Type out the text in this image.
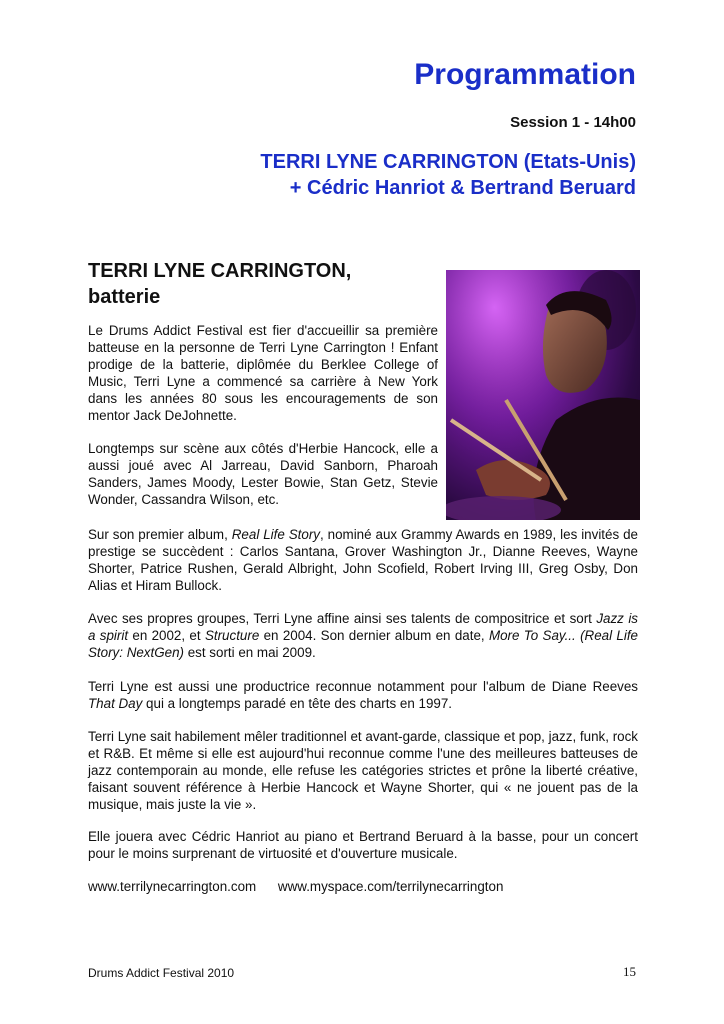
Programmation
Session 1 - 14h00
TERRI LYNE CARRINGTON (Etats-Unis)
+ Cédric Hanriot & Bertrand Beruard
TERRI LYNE CARRINGTON,
batterie

Le Drums Addict Festival est fier d'accueillir sa première batteuse en la personne de Terri Lyne Carrington ! Enfant prodige de la batterie, diplômée du Berklee College of Music, Terri Lyne a commencé sa carrière à New York dans les années 80 sous les encouragements de son mentor Jack DeJohnette.

Longtemps sur scène aux côtés d'Herbie Hancock, elle a aussi joué avec Al Jarreau, David Sanborn, Pharoah Sanders, James Moody, Lester Bowie, Stan Getz, Stevie Wonder, Cassandra Wilson, etc.

Sur son premier album, Real Life Story, nominé aux Grammy Awards en 1989, les invités de prestige se succèdent : Carlos Santana, Grover Washington Jr., Dianne Reeves, Wayne Shorter, Patrice Rushen, Gerald Albright, John Scofield, Robert Irving III, Greg Osby, Don Alias et Hiram Bullock.

Avec ses propres groupes, Terri Lyne affine ainsi ses talents de compositrice et sort Jazz is a spirit en 2002, et Structure en 2004. Son dernier album en date, More To Say... (Real Life Story: NextGen) est sorti en mai 2009.

Terri Lyne est aussi une productrice reconnue notamment pour l'album de Diane Reeves That Day qui a longtemps paradé en tête des charts en 1997.

Terri Lyne sait habilement mêler traditionnel et avant-garde, classique et pop, jazz, funk, rock et R&B. Et même si elle est aujourd'hui reconnue comme l'une des meilleures batteuses de jazz contemporain au monde, elle refuse les catégories strictes et prône la liberté créative, faisant souvent référence à Herbie Hancock et Wayne Shorter, qui « ne jouent pas de la musique, mais juste la vie ».

Elle jouera avec Cédric Hanriot au piano et Bertrand Beruard à la basse, pour un concert pour le moins surprenant de virtuosité et d'ouverture musicale.

www.terrilynecarrington.com www.myspace.com/terrilynecarrington
Drums Addict Festival 2010	15
